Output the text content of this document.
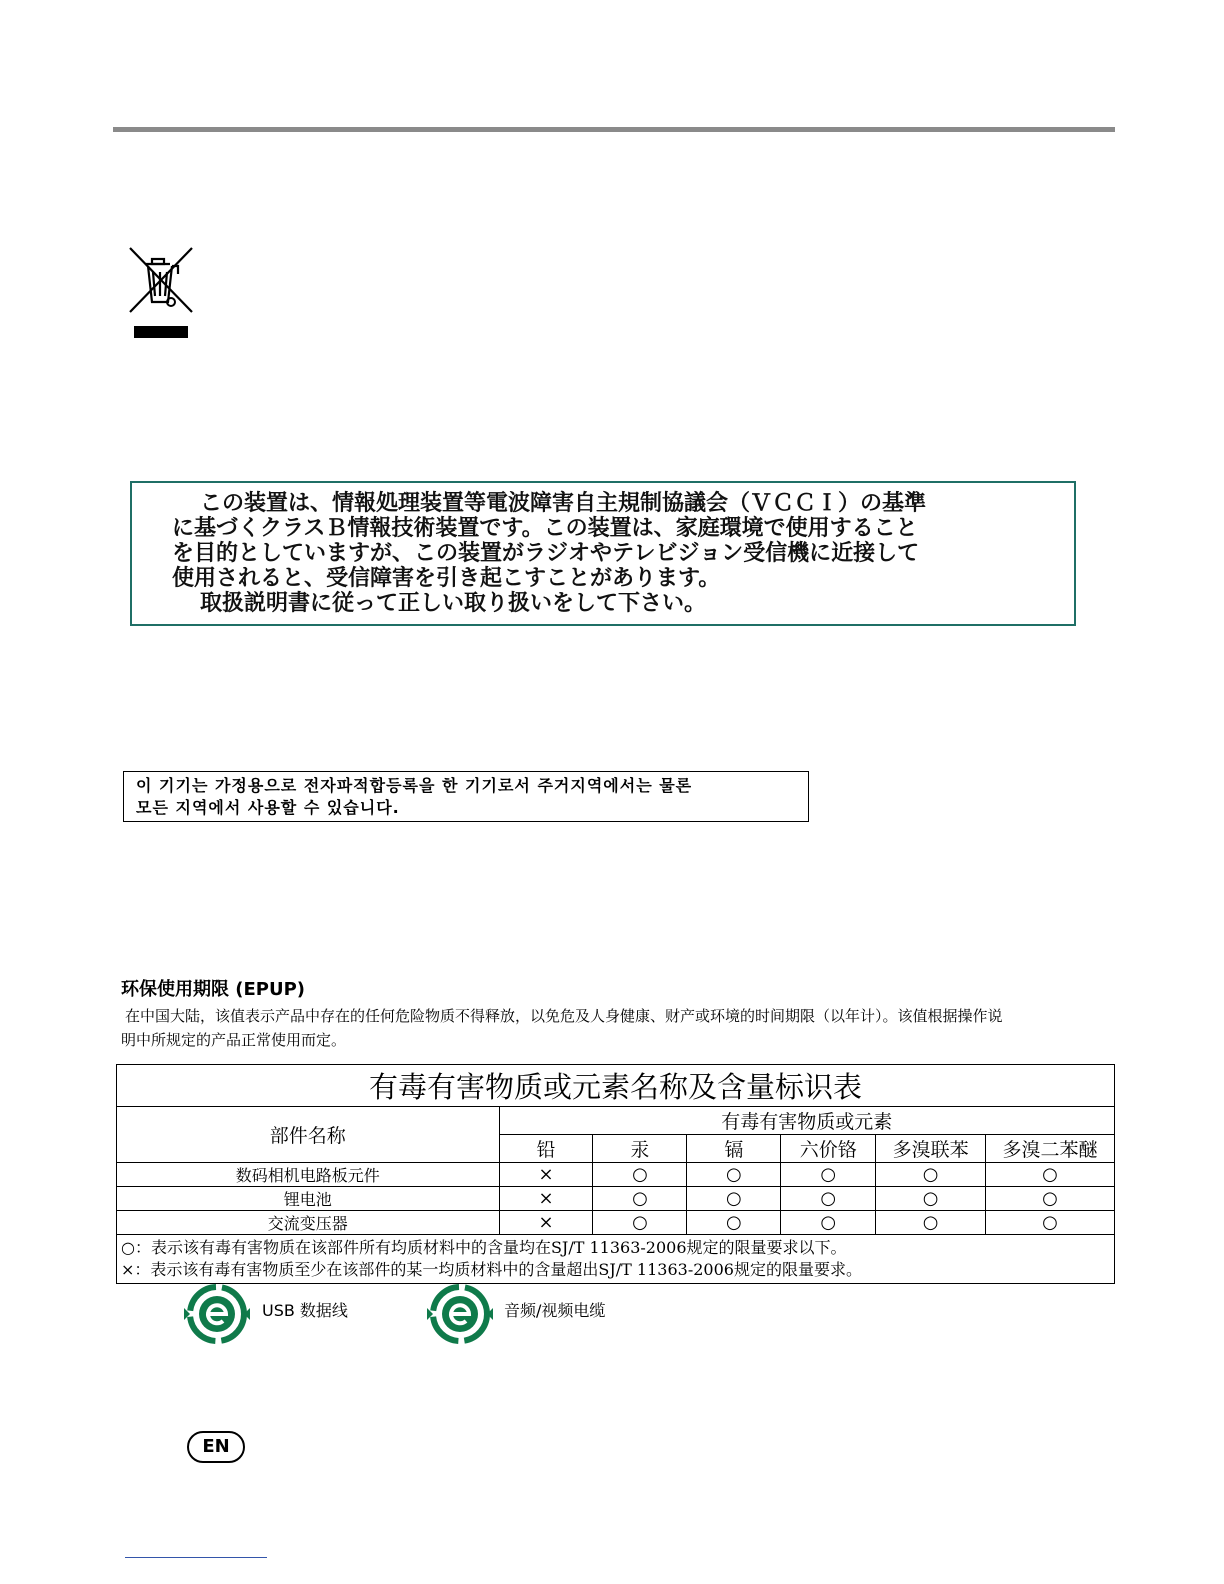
この装置は、情報処理装置等電波障害自主規制協議会（ＶＣＣＩ）の基準

に基づくクラスＢ情報技術装置です。この装置は、家庭環境で使用すること

を目的としていますが、この装置がラジオやテレビジョン受信機に近接して

使用されると、受信障害を引き起こすことがあります。

取扱説明書に従って正しい取り扱いをして下さい。

이 기기는 가정용으로 전자파적합등록을 한 기기로서 주거지역에서는 물론

모든 지역에서 사용할 수 있습니다.

环保使用期限 (EPUP)

在中国大陆，该值表示产品中存在的任何危险物质不得释放，以免危及人身健康、财产或环境的时间期限（以年计）。该值根据操作说

明中所规定的产品正常使用而定。

有毒有害物质或元素名称及含量标识表						
部件名称	有毒有害物质或元素					
	铅	汞	镉	六价铬	多溴联苯	多溴二苯醚
数码相机电路板元件	×	○	○	○	○	○
锂电池	×	○	○	○	○	○
交流变压器	×	○	○	○	○	○

○：表示该有毒有害物质在该部件所有均质材料中的含量均在SJ/T 11363-2006规定的限量要求以下。

×：表示该有毒有害物质至少在该部件的某一均质材料中的含量超出SJ/T 11363-2006规定的限量要求。						

USB 数据线	音频/视频电缆
EN
